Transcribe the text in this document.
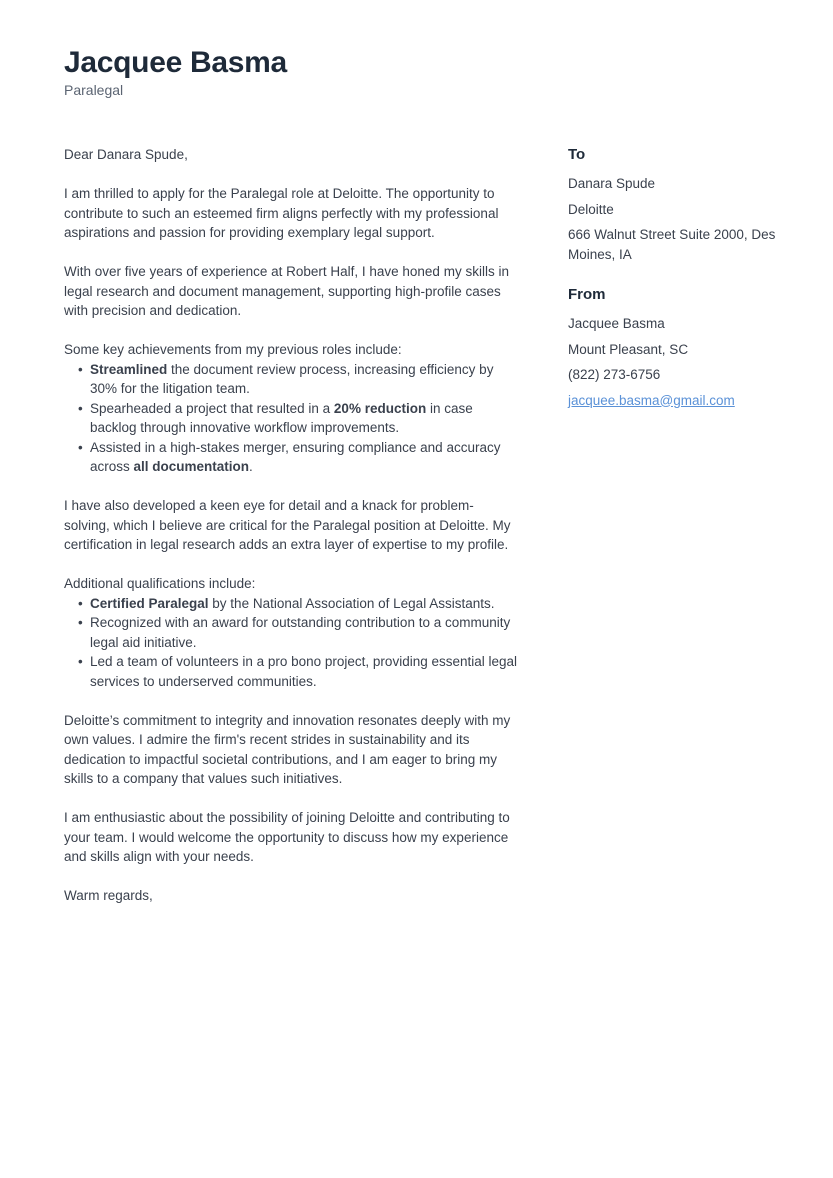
Jacquee Basma
Paralegal

Dear Danara Spude,

I am thrilled to apply for the Paralegal role at Deloitte. The opportunity to contribute to such an esteemed firm aligns perfectly with my professional aspirations and passion for providing exemplary legal support.

With over five years of experience at Robert Half, I have honed my skills in legal research and document management, supporting high-profile cases with precision and dedication.

Some key achievements from my previous roles include:

• Streamlined the document review process, increasing efficiency by 30% for the litigation team.
• Spearheaded a project that resulted in a 20% reduction in case backlog through innovative workflow improvements.
• Assisted in a high-stakes merger, ensuring compliance and accuracy across all documentation.

I have also developed a keen eye for detail and a knack for problem-solving, which I believe are critical for the Paralegal position at Deloitte. My certification in legal research adds an extra layer of expertise to my profile.

Additional qualifications include:

• Certified Paralegal by the National Association of Legal Assistants.
• Recognized with an award for outstanding contribution to a community legal aid initiative.
• Led a team of volunteers in a pro bono project, providing essential legal services to underserved communities.

Deloitte’s commitment to integrity and innovation resonates deeply with my own values. I admire the firm's recent strides in sustainability and its dedication to impactful societal contributions, and I am eager to bring my skills to a company that values such initiatives.

I am enthusiastic about the possibility of joining Deloitte and contributing to your team. I would welcome the opportunity to discuss how my experience and skills align with your needs.

Warm regards,

To
Danara Spude
Deloitte
666 Walnut Street Suite 2000, Des Moines, IA
From
Jacquee Basma
Mount Pleasant, SC
(822) 273-6756
jacquee.basma@gmail.com
